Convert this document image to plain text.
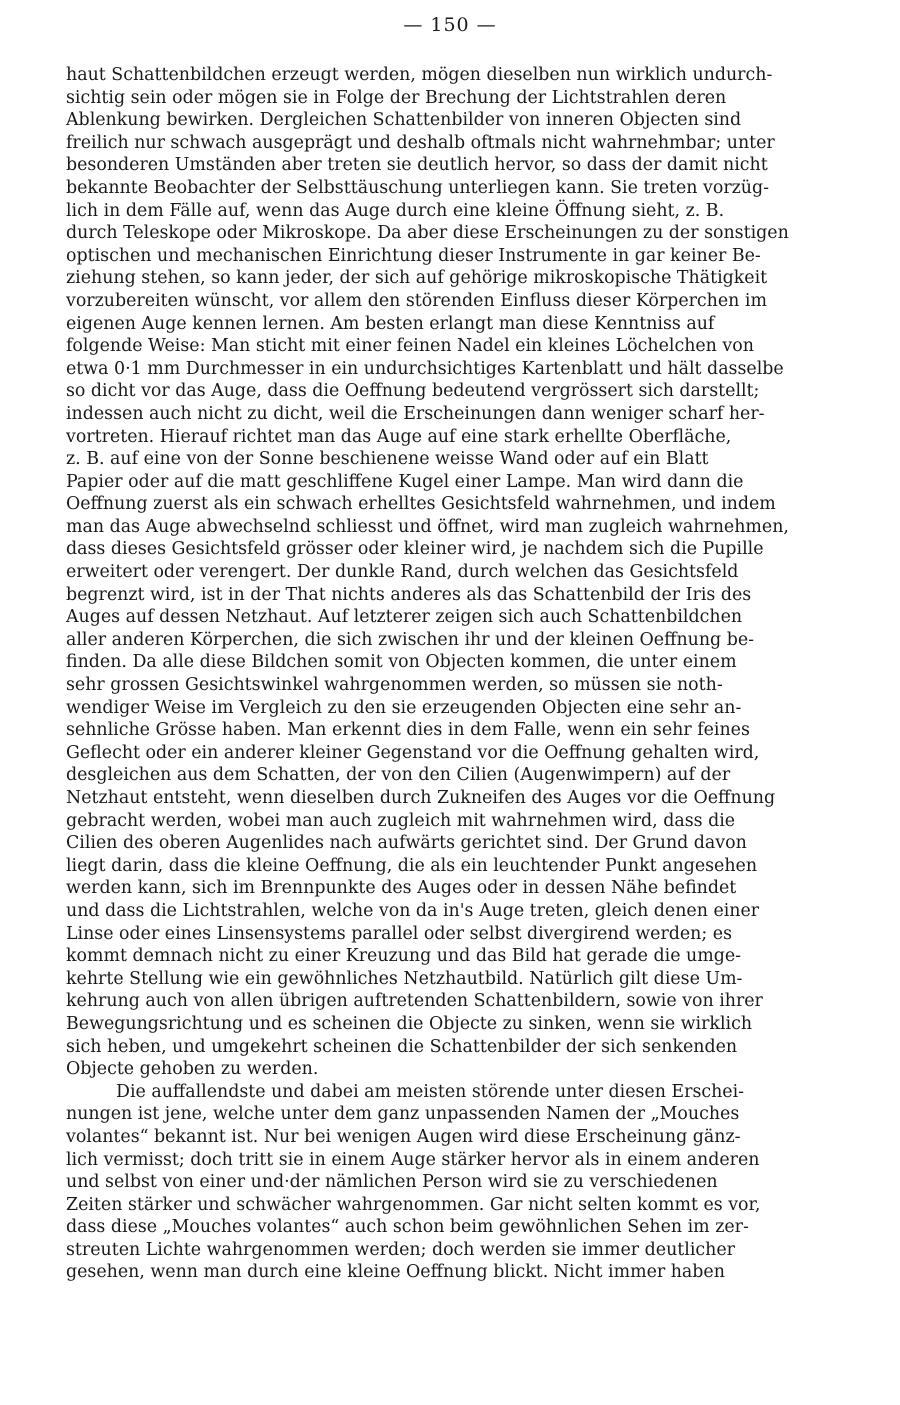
— 150 —
haut Schattenbildchen erzeugt werden, mögen dieselben nun wirklich undurch-
sichtig sein oder mögen sie in Folge der Brechung der Lichtstrahlen deren
Ablenkung bewirken. Dergleichen Schattenbilder von inneren Objecten sind
freilich nur schwach ausgeprägt und deshalb oftmals nicht wahrnehmbar; unter
besonderen Umständen aber treten sie deutlich hervor, so dass der damit nicht
bekannte Beobachter der Selbsttäuschung unterliegen kann. Sie treten vorzüg-
lich in dem Fälle auf, wenn das Auge durch eine kleine Öffnung sieht, z. B.
durch Teleskope oder Mikroskope. Da aber diese Erscheinungen zu der sonstigen
optischen und mechanischen Einrichtung dieser Instrumente in gar keiner Be-
ziehung stehen, so kann jeder, der sich auf gehörige mikroskopische Thätigkeit
vorzubereiten wünscht, vor allem den störenden Einfluss dieser Körperchen im
eigenen Auge kennen lernen. Am besten erlangt man diese Kenntniss auf
folgende Weise: Man sticht mit einer feinen Nadel ein kleines Löchelchen von
etwa 0·1 mm Durchmesser in ein undurchsichtiges Kartenblatt und hält dasselbe
so dicht vor das Auge, dass die Oeffnung bedeutend vergrössert sich darstellt;
indessen auch nicht zu dicht, weil die Erscheinungen dann weniger scharf her-
vortreten. Hierauf richtet man das Auge auf eine stark erhellte Oberfläche,
z. B. auf eine von der Sonne beschienene weisse Wand oder auf ein Blatt
Papier oder auf die matt geschliffene Kugel einer Lampe. Man wird dann die
Oeffnung zuerst als ein schwach erhelltes Gesichtsfeld wahrnehmen, und indem
man das Auge abwechselnd schliesst und öffnet, wird man zugleich wahrnehmen,
dass dieses Gesichtsfeld grösser oder kleiner wird, je nachdem sich die Pupille
erweitert oder verengert. Der dunkle Rand, durch welchen das Gesichtsfeld
begrenzt wird, ist in der That nichts anderes als das Schattenbild der Iris des
Auges auf dessen Netzhaut. Auf letzterer zeigen sich auch Schattenbildchen
aller anderen Körperchen, die sich zwischen ihr und der kleinen Oeffnung be-
finden. Da alle diese Bildchen somit von Objecten kommen, die unter einem
sehr grossen Gesichtswinkel wahrgenommen werden, so müssen sie noth-
wendiger Weise im Vergleich zu den sie erzeugenden Objecten eine sehr an-
sehnliche Grösse haben. Man erkennt dies in dem Falle, wenn ein sehr feines
Geflecht oder ein anderer kleiner Gegenstand vor die Oeffnung gehalten wird,
desgleichen aus dem Schatten, der von den Cilien (Augenwimpern) auf der
Netzhaut entsteht, wenn dieselben durch Zukneifen des Auges vor die Oeffnung
gebracht werden, wobei man auch zugleich mit wahrnehmen wird, dass die
Cilien des oberen Augenlides nach aufwärts gerichtet sind. Der Grund davon
liegt darin, dass die kleine Oeffnung, die als ein leuchtender Punkt angesehen
werden kann, sich im Brennpunkte des Auges oder in dessen Nähe befindet
und dass die Lichtstrahlen, welche von da in's Auge treten, gleich denen einer
Linse oder eines Linsensystems parallel oder selbst divergirend werden; es
kommt demnach nicht zu einer Kreuzung und das Bild hat gerade die umge-
kehrte Stellung wie ein gewöhnliches Netzhautbild. Natürlich gilt diese Um-
kehrung auch von allen übrigen auftretenden Schattenbildern, sowie von ihrer
Bewegungsrichtung und es scheinen die Objecte zu sinken, wenn sie wirklich
sich heben, und umgekehrt scheinen die Schattenbilder der sich senkenden
Objecte gehoben zu werden.
Die auffallendste und dabei am meisten störende unter diesen Erschei-
nungen ist jene, welche unter dem ganz unpassenden Namen der „Mouches
volantes“ bekannt ist. Nur bei wenigen Augen wird diese Erscheinung gänz-
lich vermisst; doch tritt sie in einem Auge stärker hervor als in einem anderen
und selbst von einer und·der nämlichen Person wird sie zu verschiedenen
Zeiten stärker und schwächer wahrgenommen. Gar nicht selten kommt es vor,
dass diese „Mouches volantes“ auch schon beim gewöhnlichen Sehen im zer-
streuten Lichte wahrgenommen werden; doch werden sie immer deutlicher
gesehen, wenn man durch eine kleine Oeffnung blickt. Nicht immer haben
